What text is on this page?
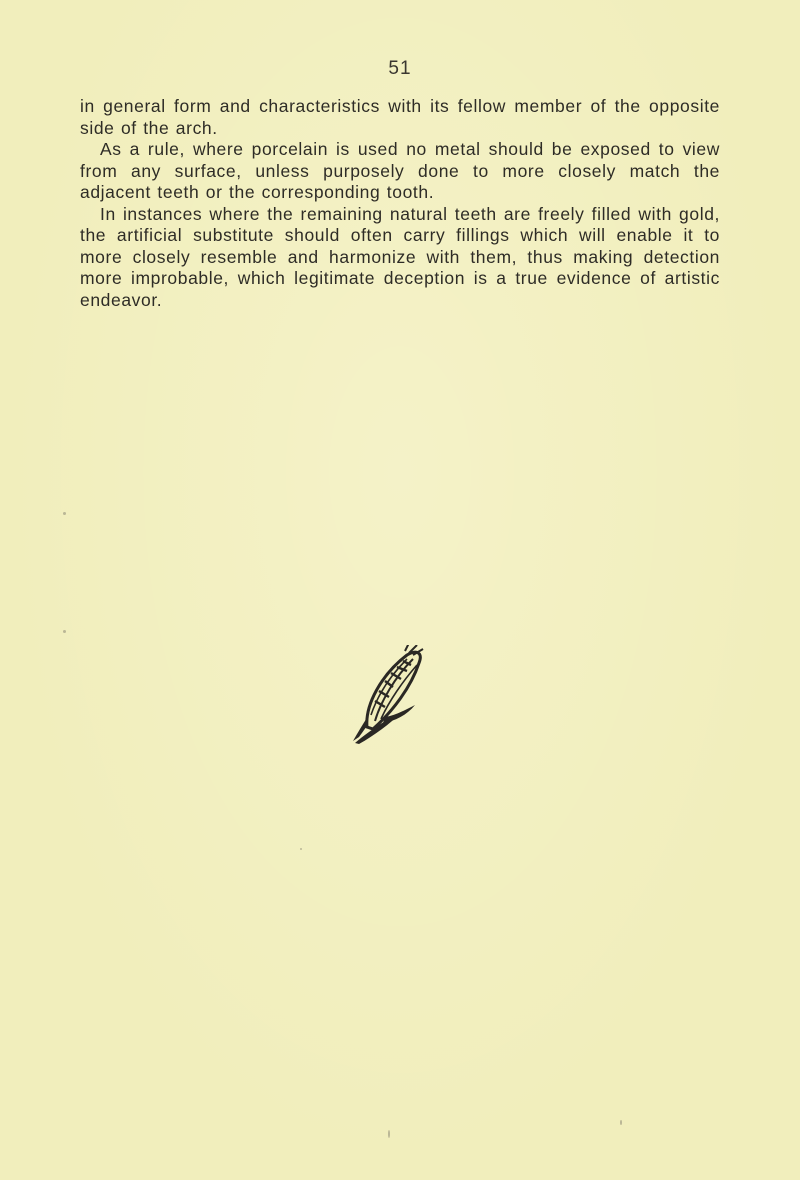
51

in general form and characteristics with its fellow member of the opposite side of the arch.

As a rule, where porcelain is used no metal should be exposed to view from any surface, unless purposely done to more closely match the adjacent teeth or the corresponding tooth.

In instances where the remaining natural teeth are freely filled with gold, the artificial substitute should often carry fillings which will enable it to more closely resemble and harmonize with them, thus making detection more improbable, which legitimate deception is a true evidence of artistic endeavor.
